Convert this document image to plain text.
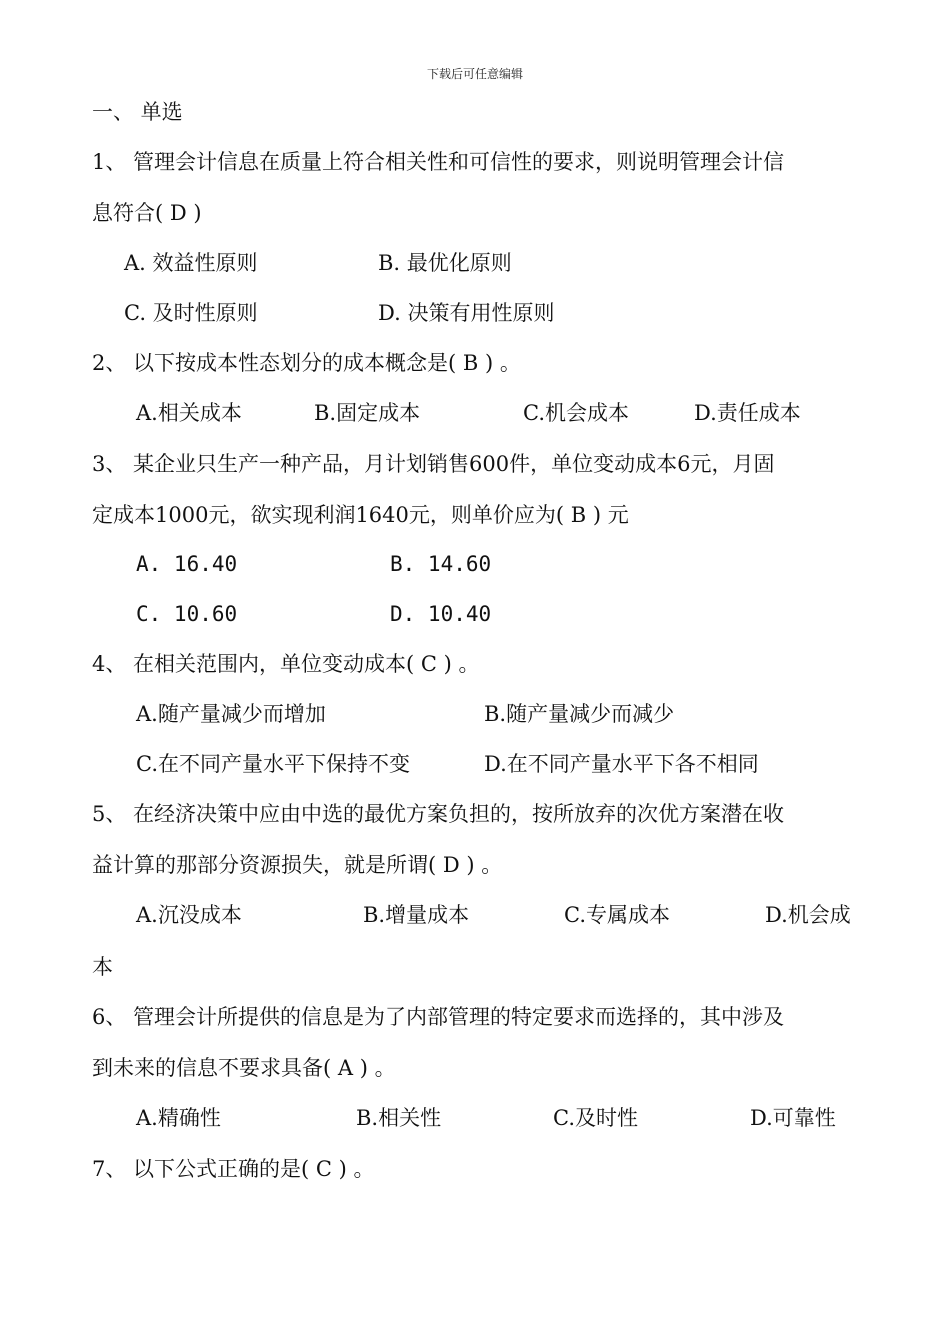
下载后可任意编辑
一、 单选
1、 管理会计信息在质量上符合相关性和可信性的要求，则说明管理会计信
息符合( D )
A. 效益性原则	B. 最优化原则
C. 及时性原则	D. 决策有用性原则
2、 以下按成本性态划分的成本概念是( B ) 。
A.相关成本	B.固定成本	C.机会成本	D.责任成本
3、 某企业只生产一种产品，月计划销售600件，单位变动成本6元，月固
定成本1000元，欲实现利润1640元，则单价应为( B ) 元
A. 16.40	B. 14.60
C. 10.60	D. 10.40
4、 在相关范围内，单位变动成本( C ) 。
A.随产量减少而增加	B.随产量减少而减少
C.在不同产量水平下保持不变	D.在不同产量水平下各不相同
5、 在经济决策中应由中选的最优方案负担的，按所放弃的次优方案潜在收
益计算的那部分资源损失，就是所谓( D ) 。
A.沉没成本	B.增量成本	C.专属成本	D.机会成
本
6、 管理会计所提供的信息是为了内部管理的特定要求而选择的，其中涉及
到未来的信息不要求具备( A ) 。
A.精确性	B.相关性	C.及时性	D.可靠性
7、 以下公式正确的是( C ) 。
